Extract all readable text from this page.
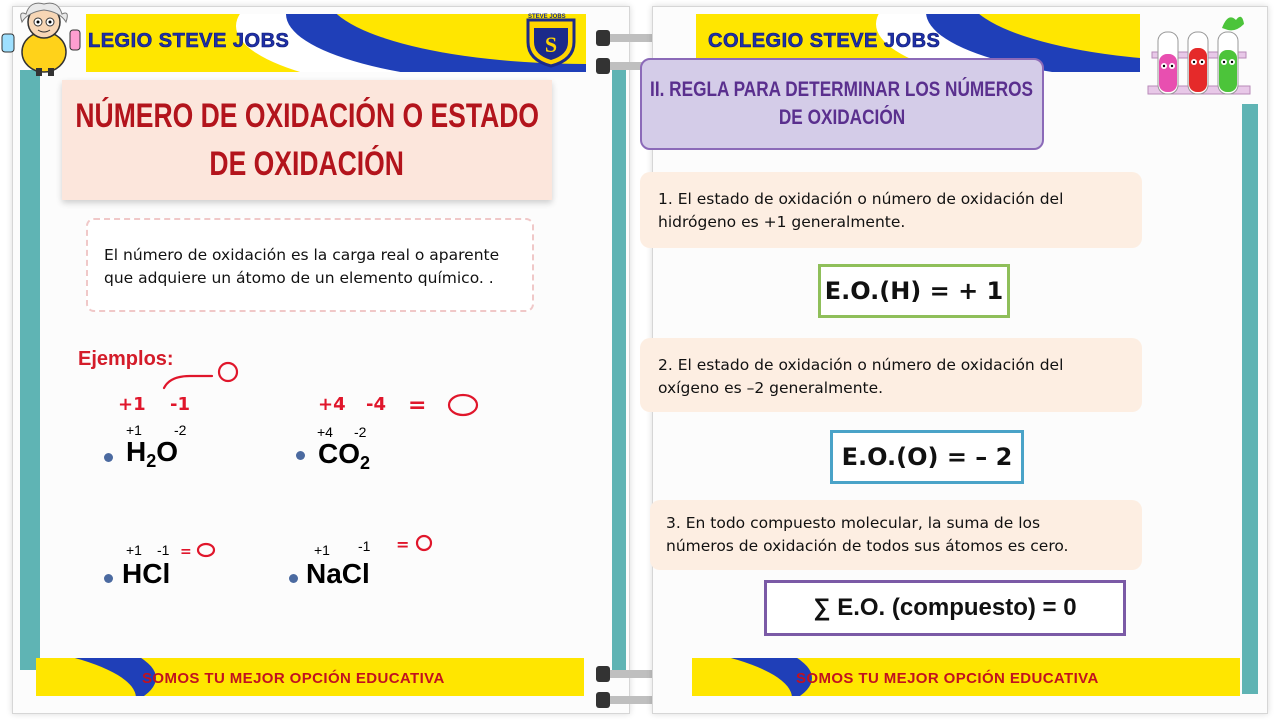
LEGIO STEVE JOBS	S
STEVE JOBS
NÚMERO DE OXIDACIÓN O ESTADO
DE OXIDACIÓN
El número de oxidación es la carga real o aparente
que adquiere un átomo de un elemento químico. .
Ejemplos:
+1 -2
$H_2O$
+4 -2
$CO_2$
+1 -1
HCl
+1 -1
NaCl
+1 -1	+4 -4 =
=	=
SOMOS TU MEJOR OPCIÓN EDUCATIVA
COLEGIO STEVE JOBS
II. REGLA PARA DETERMINAR LOS NÚMEROS
DE OXIDACIÓN
1. El estado de oxidación o número de oxidación del
hidrógeno es +1 generalmente.
E.O.(H) = + 1
2. El estado de oxidación o número de oxidación del
oxígeno es –2 generalmente.
E.O.(O) = – 2
3. En todo compuesto molecular, la suma de los
números de oxidación de todos sus átomos es cero.
∑ E.O. (compuesto) = 0
SOMOS TU MEJOR OPCIÓN EDUCATIVA
